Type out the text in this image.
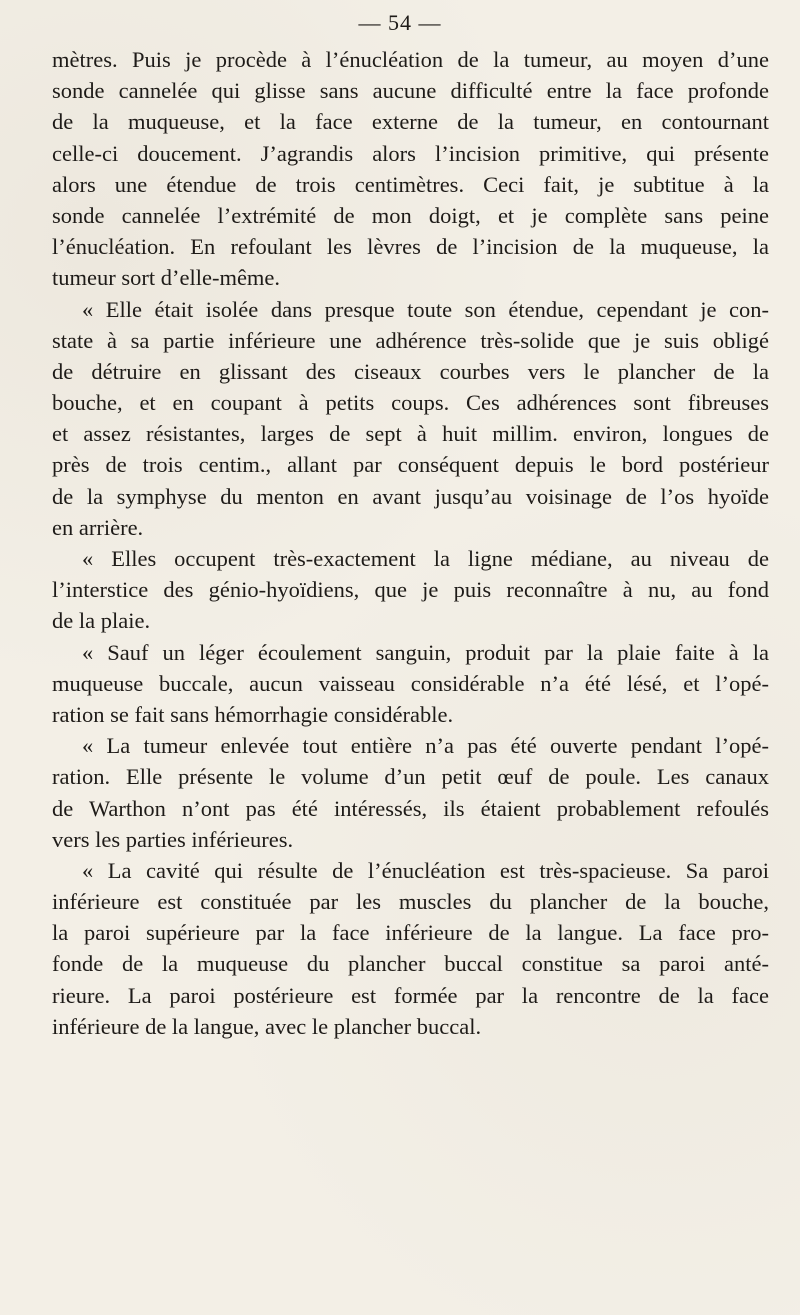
— 54 —
mètres. Puis je procède à l’énucléation de la tumeur, au moyen d’une
sonde cannelée qui glisse sans aucune difficulté entre la face profonde
de la muqueuse, et la face externe de la tumeur, en contournant
celle-ci doucement. J’agrandis alors l’incision primitive, qui présente
alors une étendue de trois centimètres. Ceci fait, je subtitue à la
sonde cannelée l’extrémité de mon doigt, et je complète sans peine
l’énucléation. En refoulant les lèvres de l’incision de la muqueuse, la
tumeur sort d’elle-même.
« Elle était isolée dans presque toute son étendue, cependant je con-
state à sa partie inférieure une adhérence très-solide que je suis obligé
de détruire en glissant des ciseaux courbes vers le plancher de la
bouche, et en coupant à petits coups. Ces adhérences sont fibreuses
et assez résistantes, larges de sept à huit millim. environ, longues de
près de trois centim., allant par conséquent depuis le bord postérieur
de la symphyse du menton en avant jusqu’au voisinage de l’os hyoïde
en arrière.
« Elles occupent très-exactement la ligne médiane, au niveau de
l’interstice des génio-hyoïdiens, que je puis reconnaître à nu, au fond
de la plaie.
« Sauf un léger écoulement sanguin, produit par la plaie faite à la
muqueuse buccale, aucun vaisseau considérable n’a été lésé, et l’opé-
ration se fait sans hémorrhagie considérable.
« La tumeur enlevée tout entière n’a pas été ouverte pendant l’opé-
ration. Elle présente le volume d’un petit œuf de poule. Les canaux
de Warthon n’ont pas été intéressés, ils étaient probablement refoulés
vers les parties inférieures.
« La cavité qui résulte de l’énucléation est très-spacieuse. Sa paroi
inférieure est constituée par les muscles du plancher de la bouche,
la paroi supérieure par la face inférieure de la langue. La face pro-
fonde de la muqueuse du plancher buccal constitue sa paroi anté-
rieure. La paroi postérieure est formée par la rencontre de la face
inférieure de la langue, avec le plancher buccal.
